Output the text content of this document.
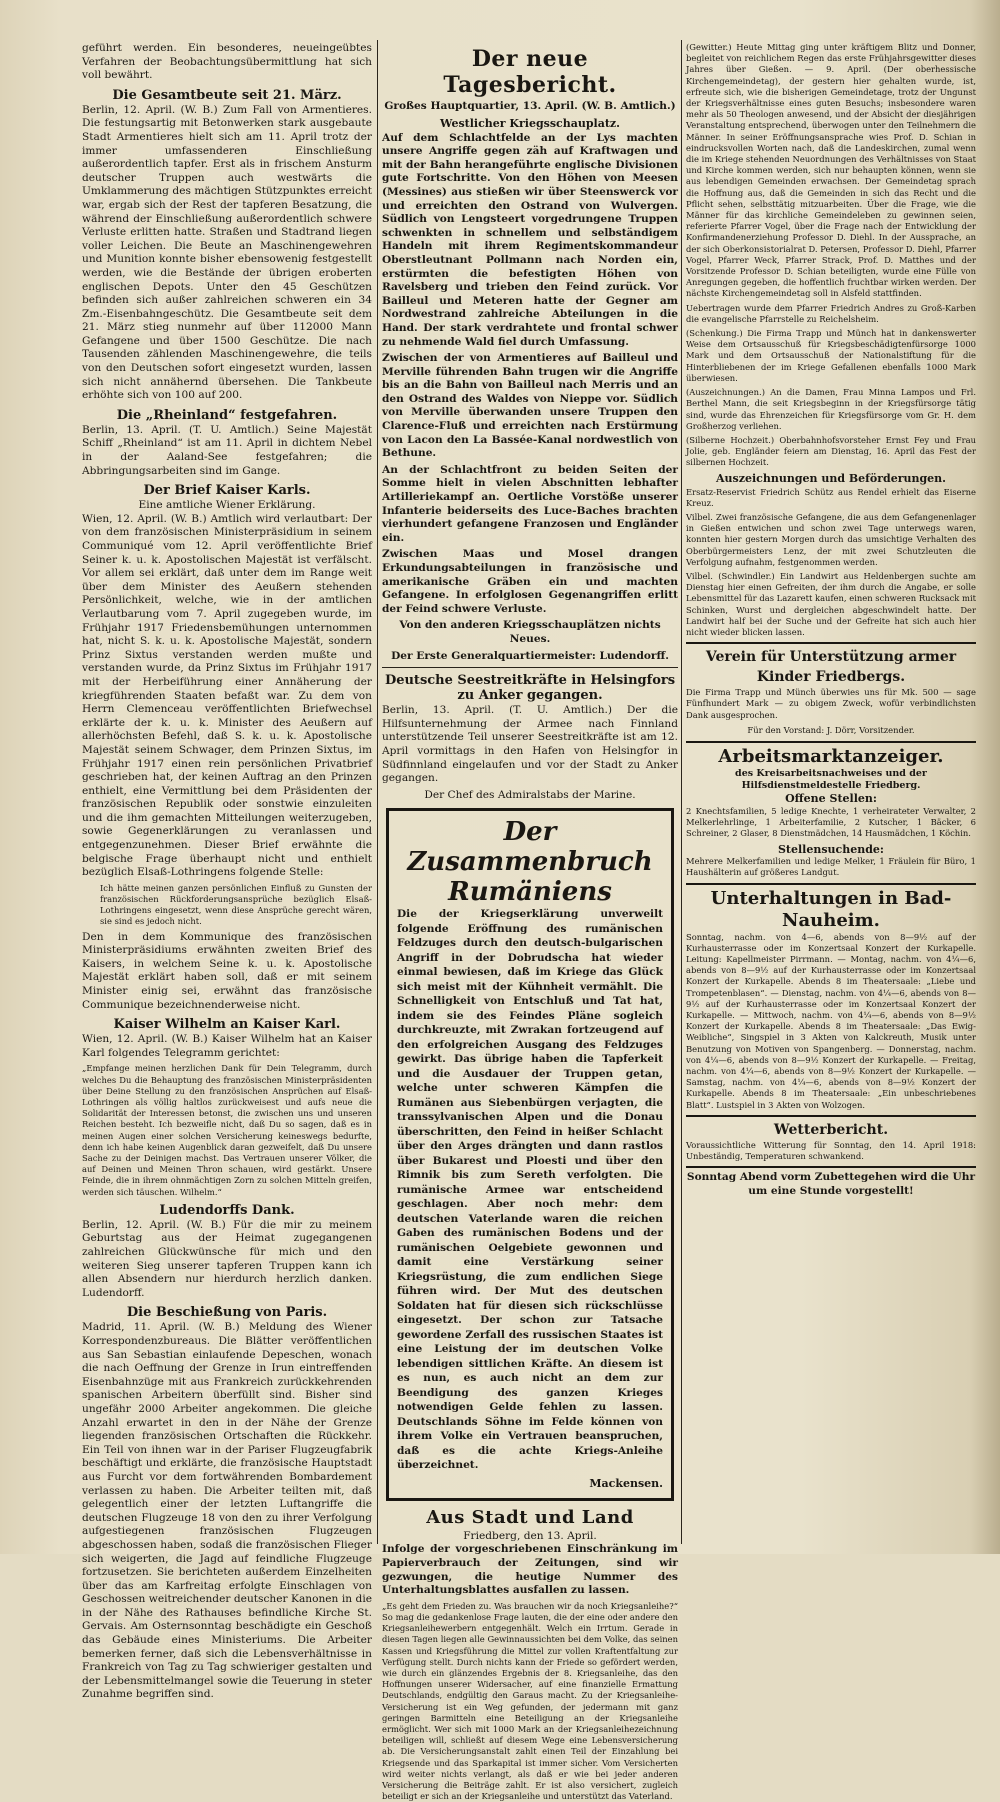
geführt werden. Ein besonderes, neueingeübtes Verfahren der Beobachtungsübermittlung hat sich voll bewährt.

Die Gesamtbeute seit 21. März.

Berlin, 12. April. (W. B.) Zum Fall von Armentieres. Die festungsartig mit Betonwerken stark ausgebaute Stadt Armentieres hielt sich am 11. April trotz der immer umfassenderen Einschließung außerordentlich tapfer. Erst als in frischem Ansturm deutscher Truppen auch westwärts die Umklammerung des mächtigen Stützpunktes erreicht war, ergab sich der Rest der tapferen Besatzung, die während der Einschließung außerordentlich schwere Verluste erlitten hatte. Straßen und Stadtrand liegen voller Leichen. Die Beute an Maschinengewehren und Munition konnte bisher ebensowenig festgestellt werden, wie die Bestände der übrigen eroberten englischen Depots. Unter den 45 Geschützen befinden sich außer zahlreichen schweren ein 34 Zm.-Eisenbahngeschütz. Die Gesamtbeute seit dem 21. März stieg nunmehr auf über 112000 Mann Gefangene und über 1500 Geschütze. Die nach Tausenden zählenden Maschinengewehre, die teils von den Deutschen sofort eingesetzt wurden, lassen sich nicht annähernd übersehen. Die Tankbeute erhöhte sich von 100 auf 200.

Die „Rheinland“ festgefahren.

Berlin, 13. April. (T. U. Amtlich.) Seine Majestät Schiff „Rheinland“ ist am 11. April in dichtem Nebel in der Aaland-See festgefahren; die Abbringungsarbeiten sind im Gange.

Der Brief Kaiser Karls.
Eine amtliche Wiener Erklärung.

Wien, 12. April. (W. B.) Amtlich wird verlautbart: Der von dem französischen Ministerpräsidium in seinem Communiqué vom 12. April veröffentlichte Brief Seiner k. u. k. Apostolischen Majestät ist verfälscht. Vor allem sei erklärt, daß unter dem im Range weit über dem Minister des Aeußern stehenden Persönlichkeit, welche, wie in der amtlichen Verlautbarung vom 7. April zugegeben wurde, im Frühjahr 1917 Friedensbemühungen unternommen hat, nicht S. k. u. k. Apostolische Majestät, sondern Prinz Sixtus verstanden werden mußte und verstanden wurde, da Prinz Sixtus im Frühjahr 1917 mit der Herbeiführung einer Annäherung der kriegführenden Staaten befaßt war. Zu dem von Herrn Clemenceau veröffentlichten Briefwechsel erklärte der k. u. k. Minister des Aeußern auf allerhöchsten Befehl, daß S. k. u. k. Apostolische Majestät seinem Schwager, dem Prinzen Sixtus, im Frühjahr 1917 einen rein persönlichen Privatbrief geschrieben hat, der keinen Auftrag an den Prinzen enthielt, eine Vermittlung bei dem Präsidenten der französischen Republik oder sonstwie einzuleiten und die ihm gemachten Mitteilungen weiterzugeben, sowie Gegenerklärungen zu veranlassen und entgegenzunehmen. Dieser Brief erwähnte die belgische Frage überhaupt nicht und enthielt bezüglich Elsaß-Lothringens folgende Stelle:

Ich hätte meinen ganzen persönlichen Einfluß zu Gunsten der französischen Rückforderungsansprüche bezüglich Elsaß-Lothringens eingesetzt, wenn diese Ansprüche gerecht wären, sie sind es jedoch nicht.

Den in dem Kommunique des französischen Ministerpräsidiums erwähnten zweiten Brief des Kaisers, in welchem Seine k. u. k. Apostolische Majestät erklärt haben soll, daß er mit seinem Minister einig sei, erwähnt das französische Communique bezeichnenderweise nicht.

Kaiser Wilhelm an Kaiser Karl.

Wien, 12. April. (W. B.) Kaiser Wilhelm hat an Kaiser Karl folgendes Telegramm gerichtet:

„Empfange meinen herzlichen Dank für Dein Telegramm, durch welches Du die Behauptung des französischen Ministerpräsidenten über Deine Stellung zu den französischen Ansprüchen auf Elsaß-Lothringen als völlig haltlos zurückweisest und aufs neue die Solidarität der Interessen betonst, die zwischen uns und unseren Reichen besteht. Ich bezweifle nicht, daß Du so sagen, daß es in meinen Augen einer solchen Versicherung keineswegs bedurfte, denn ich habe keinen Augenblick daran gezweifelt, daß Du unsere Sache zu der Deinigen machst. Das Vertrauen unserer Völker, die auf Deinen und Meinen Thron schauen, wird gestärkt. Unsere Feinde, die in ihrem ohnmächtigen Zorn zu solchen Mitteln greifen, werden sich täuschen. Wilhelm.“

Ludendorffs Dank.

Berlin, 12. April. (W. B.) Für die mir zu meinem Geburtstag aus der Heimat zugegangenen zahlreichen Glückwünsche für mich und den weiteren Sieg unserer tapferen Truppen kann ich allen Absendern nur hierdurch herzlich danken. Ludendorff.

Die Beschießung von Paris.

Madrid, 11. April. (W. B.) Meldung des Wiener Korrespondenzbureaus. Die Blätter veröffentlichen aus San Sebastian einlaufende Depeschen, wonach die nach Oeffnung der Grenze in Irun eintreffenden Eisenbahnzüge mit aus Frankreich zurückkehrenden spanischen Arbeitern überfüllt sind. Bisher sind ungefähr 2000 Arbeiter angekommen. Die gleiche Anzahl erwartet in den in der Nähe der Grenze liegenden französischen Ortschaften die Rückkehr. Ein Teil von ihnen war in der Pariser Flugzeugfabrik beschäftigt und erklärte, die französische Hauptstadt aus Furcht vor dem fortwährenden Bombardement verlassen zu haben. Die Arbeiter teilten mit, daß gelegentlich einer der letzten Luftangriffe die deutschen Flugzeuge 18 von den zu ihrer Verfolgung aufgestiegenen französischen Flugzeugen abgeschossen haben, sodaß die französischen Flieger sich weigerten, die Jagd auf feindliche Flugzeuge fortzusetzen. Sie berichteten außerdem Einzelheiten über das am Karfreitag erfolgte Einschlagen von Geschossen weitreichender deutscher Kanonen in die in der Nähe des Rathauses befindliche Kirche St. Gervais. Am Osternsonntag beschädigte ein Geschoß das Gebäude eines Ministeriums. Die Arbeiter bemerken ferner, daß sich die Lebensverhältnisse in Frankreich von Tag zu Tag schwieriger gestalten und der Lebensmittelmangel sowie die Teuerung in steter Zunahme begriffen sind.

Der neue Tagesbericht.
Großes Hauptquartier, 13. April. (W. B. Amtlich.)
Westlicher Kriegsschauplatz.

Auf dem Schlachtfelde an der Lys machten unsere Angriffe gegen zäh auf Kraftwagen und mit der Bahn herangeführte englische Divisionen gute Fortschritte. Von den Höhen von Meesen (Messines) aus stießen wir über Steenswerck vor und erreichten den Ostrand von Wulvergen. Südlich von Lengsteert vorgedrungene Truppen schwenkten in schnellem und selbständigem Handeln mit ihrem Regimentskommandeur Oberstleutnant Pollmann nach Norden ein, erstürmten die befestigten Höhen von Ravelsberg und trieben den Feind zurück. Vor Bailleul und Meteren hatte der Gegner am Nordwestrand zahlreiche Abteilungen in die Hand. Der stark verdrahtete und frontal schwer zu nehmende Wald fiel durch Umfassung.

Zwischen der von Armentieres auf Bailleul und Merville führenden Bahn trugen wir die Angriffe bis an die Bahn von Bailleul nach Merris und an den Ostrand des Waldes von Nieppe vor. Südlich von Merville überwanden unsere Truppen den Clarence-Fluß und erreichten nach Erstürmung von Lacon den La Bassée-Kanal nordwestlich von Bethune.

An der Schlachtfront zu beiden Seiten der Somme hielt in vielen Abschnitten lebhafter Artilleriekampf an. Oertliche Vorstöße unserer Infanterie beiderseits des Luce-Baches brachten vierhundert gefangene Franzosen und Engländer ein.

Zwischen Maas und Mosel drangen Erkundungsabteilungen in französische und amerikanische Gräben ein und machten Gefangene. In erfolglosen Gegenangriffen erlitt der Feind schwere Verluste.

Von den anderen Kriegsschauplätzen nichts Neues.

Der Erste Generalquartiermeister: Ludendorff.
Deutsche Seestreitkräfte in Helsingfors zu Anker gegangen.

Berlin, 13. April. (T. U. Amtlich.) Der die Hilfsunternehmung der Armee nach Finnland unterstützende Teil unserer Seestreitkräfte ist am 12. April vormittags in den Hafen von Helsingfor in Südfinnland eingelaufen und vor der Stadt zu Anker gegangen.

Der Chef des Admiralstabs der Marine.
Der Zusammenbruch
Rumäniens

Die der Kriegserklärung unverweilt folgende Eröffnung des rumänischen Feldzuges durch den deutsch-bulgarischen Angriff in der Dobrudscha hat wieder einmal bewiesen, daß im Kriege das Glück sich meist mit der Kühnheit vermählt. Die Schnelligkeit von Entschluß und Tat hat, indem sie des Feindes Pläne sogleich durchkreuzte, mit Zwrakan fortzeugend auf den erfolgreichen Ausgang des Feldzuges gewirkt. Das übrige haben die Tapferkeit und die Ausdauer der Truppen getan, welche unter schweren Kämpfen die Rumänen aus Siebenbürgen verjagten, die transsylvanischen Alpen und die Donau überschritten, den Feind in heißer Schlacht über den Arges drängten und dann rastlos über Bukarest und Ploesti und über den Rimnik bis zum Sereth verfolgten. Die rumänische Armee war entscheidend geschlagen. Aber noch mehr: dem deutschen Vaterlande waren die reichen Gaben des rumänischen Bodens und der rumänischen Oelgebiete gewonnen und damit eine Verstärkung seiner Kriegsrüstung, die zum endlichen Siege führen wird. Der Mut des deutschen Soldaten hat für diesen sich rückschlüsse eingesetzt. Der schon zur Tatsache gewordene Zerfall des russischen Staates ist eine Leistung der im deutschen Volke lebendigen sittlichen Kräfte. An diesem ist es nun, es auch nicht an dem zur Beendigung des ganzen Krieges notwendigen Gelde fehlen zu lassen. Deutschlands Söhne im Felde können von ihrem Volke ein Vertrauen beanspruchen, daß es die achte Kriegs-Anleihe überzeichnet.

Mackensen.
Aus Stadt und Land
Friedberg, den 13. April.

Infolge der vorgeschriebenen Einschränkung im Papierverbrauch der Zeitungen, sind wir gezwungen, die heutige Nummer des Unterhaltungsblattes ausfallen zu lassen.

„Es geht dem Frieden zu. Was brauchen wir da noch Kriegsanleihe?“ So mag die gedankenlose Frage lauten, die der eine oder andere den Kriegsanleihewerbern entgegenhält. Welch ein Irrtum. Gerade in diesen Tagen liegen alle Gewinnaussichten bei dem Volke, das seinen Kassen und Kriegsführung die Mittel zur vollen Kraftentfaltung zur Verfügung stellt. Durch nichts kann der Friede so gefördert werden, wie durch ein glänzendes Ergebnis der 8. Kriegsanleihe, das den Hoffnungen unserer Widersacher, auf eine finanzielle Ermattung Deutschlands, endgültig den Garaus macht. Zu der Kriegsanleihe-Versicherung ist ein Weg gefunden, der jedermann mit ganz geringen Barmitteln eine Beteiligung an der Kriegsanleihe ermöglicht. Wer sich mit 1000 Mark an der Kriegsanleihezeichnung beteiligen will, schließt auf diesem Wege eine Lebensversicherung ab. Die Versicherungsanstalt zahlt einen Teil der Einzahlung bei Kriegsende und das Sparkapital ist immer sicher. Vom Versicherten wird weiter nichts verlangt, als daß er wie bei jeder anderen Versicherung die Beiträge zahlt. Er ist also versichert, zugleich beteiligt er sich an der Kriegsanleihe und unterstützt das Vaterland.

(Gewitter.) Heute Mittag ging unter kräftigem Blitz und Donner, begleitet von reichlichem Regen das erste Frühjahrsgewitter dieses Jahres über Gießen. — 9. April. (Der oberhessische Kirchengemeindetag), der gestern hier gehalten wurde, ist, erfreute sich, wie die bisherigen Gemeindetage, trotz der Ungunst der Kriegsverhältnisse eines guten Besuchs; insbesondere waren mehr als 50 Theologen anwesend, und der Absicht der diesjährigen Veranstaltung entsprechend, überwogen unter den Teilnehmern die Männer. In seiner Eröffnungsansprache wies Prof. D. Schian in eindrucksvollen Worten nach, daß die Landeskirchen, zumal wenn die im Kriege stehenden Neuordnungen des Verhältnisses von Staat und Kirche kommen werden, sich nur behaupten können, wenn sie aus lebendigen Gemeinden erwachsen. Der Gemeindetag sprach die Hoffnung aus, daß die Gemeinden in sich das Recht und die Pflicht sehen, selbsttätig mitzuarbeiten. Über die Frage, wie die Männer für das kirchliche Gemeindeleben zu gewinnen seien, referierte Pfarrer Vogel, über die Frage nach der Entwicklung der Konfirmandenerziehung Professor D. Diehl. In der Aussprache, an der sich Oberkonsistorialrat D. Petersen, Professor D. Diehl, Pfarrer Vogel, Pfarrer Weck, Pfarrer Strack, Prof. D. Matthes und der Vorsitzende Professor D. Schian beteiligten, wurde eine Fülle von Anregungen gegeben, die hoffentlich fruchtbar wirken werden. Der nächste Kirchengemeindetag soll in Alsfeld stattfinden.

Uebertragen wurde dem Pfarrer Friedrich Andres zu Groß-Karben die evangelische Pfarrstelle zu Reichelsheim.

(Schenkung.) Die Firma Trapp und Münch hat in dankenswerter Weise dem Ortsausschuß für Kriegsbeschädigtenfürsorge 1000 Mark und dem Ortsausschuß der Nationalstiftung für die Hinterbliebenen der im Kriege Gefallenen ebenfalls 1000 Mark überwiesen.

(Auszeichnungen.) An die Damen, Frau Minna Lampos und Frl. Berthel Mann, die seit Kriegsbeginn in der Kriegsfürsorge tätig sind, wurde das Ehrenzeichen für Kriegsfürsorge vom Gr. H. dem Großherzog verliehen.

(Silberne Hochzeit.) Oberbahnhofsvorsteher Ernst Fey und Frau Jolie, geb. Engländer feiern am Dienstag, 16. April das Fest der silbernen Hochzeit.

Auszeichnungen und Beförderungen.

Ersatz-Reservist Friedrich Schütz aus Rendel erhielt das Eiserne Kreuz.

Vilbel. Zwei französische Gefangene, die aus dem Gefangenenlager in Gießen entwichen und schon zwei Tage unterwegs waren, konnten hier gestern Morgen durch das umsichtige Verhalten des Oberbürgermeisters Lenz, der mit zwei Schutzleuten die Verfolgung aufnahm, festgenommen werden.

Vilbel. (Schwindler.) Ein Landwirt aus Heldenbergen suchte am Dienstag hier einen Gefreiten, der ihm durch die Angabe, er solle Lebensmittel für das Lazarett kaufen, einen schweren Rucksack mit Schinken, Wurst und dergleichen abgeschwindelt hatte. Der Landwirt half bei der Suche und der Gefreite hat sich auch hier nicht wieder blicken lassen.

Verein für Unterstützung armer Kinder Friedbergs.

Die Firma Trapp und Münch überwies uns für Mk. 500 — sage Fünfhundert Mark — zu obigem Zweck, wofür verbindlichsten Dank ausgesprochen.

Für den Vorstand: J. Dörr, Vorsitzender.
Arbeitsmarktanzeiger.
des Kreisarbeitsnachweises und der Hilfsdienstmeldestelle Friedberg.
Offene Stellen:

2 Knechtsfamilien, 5 ledige Knechte, 1 verheirateter Verwalter, 2 Melkerlehrlinge, 1 Arbeiterfamilie, 2 Kutscher, 1 Bäcker, 6 Schreiner, 2 Glaser, 8 Dienstmädchen, 14 Hausmädchen, 1 Köchin.

Stellensuchende:

Mehrere Melkerfamilien und ledige Melker, 1 Fräulein für Büro, 1 Haushälterin auf größeres Landgut.

Unterhaltungen in Bad-Nauheim.

Sonntag, nachm. von 4—6, abends von 8—9½ auf der Kurhausterrasse oder im Konzertsaal Konzert der Kurkapelle. Leitung: Kapellmeister Pirrmann. — Montag, nachm. von 4¼—6, abends von 8—9½ auf der Kurhausterrasse oder im Konzertsaal Konzert der Kurkapelle. Abends 8 im Theatersaale: „Liebe und Trompetenblasen“. — Dienstag, nachm. von 4¼—6, abends von 8—9½ auf der Kurhausterrasse oder im Konzertsaal Konzert der Kurkapelle. — Mittwoch, nachm. von 4¼—6, abends von 8—9½ Konzert der Kurkapelle. Abends 8 im Theatersaale: „Das Ewig-Weibliche“, Singspiel in 3 Akten von Kalckreuth, Musik unter Benutzung von Motiven von Spangenberg. — Donnerstag, nachm. von 4¼—6, abends von 8—9½ Konzert der Kurkapelle. — Freitag, nachm. von 4¼—6, abends von 8—9½ Konzert der Kurkapelle. — Samstag, nachm. von 4¼—6, abends von 8—9½ Konzert der Kurkapelle. Abends 8 im Theatersaale: „Ein unbeschriebenes Blatt“. Lustspiel in 3 Akten von Wolzogen.

Wetterbericht.

Voraussichtliche Witterung für Sonntag, den 14. April 1918: Unbeständig, Temperaturen schwankend.

Sonntag Abend vorm Zubettegehen wird die Uhr um eine Stunde vorgestellt!
